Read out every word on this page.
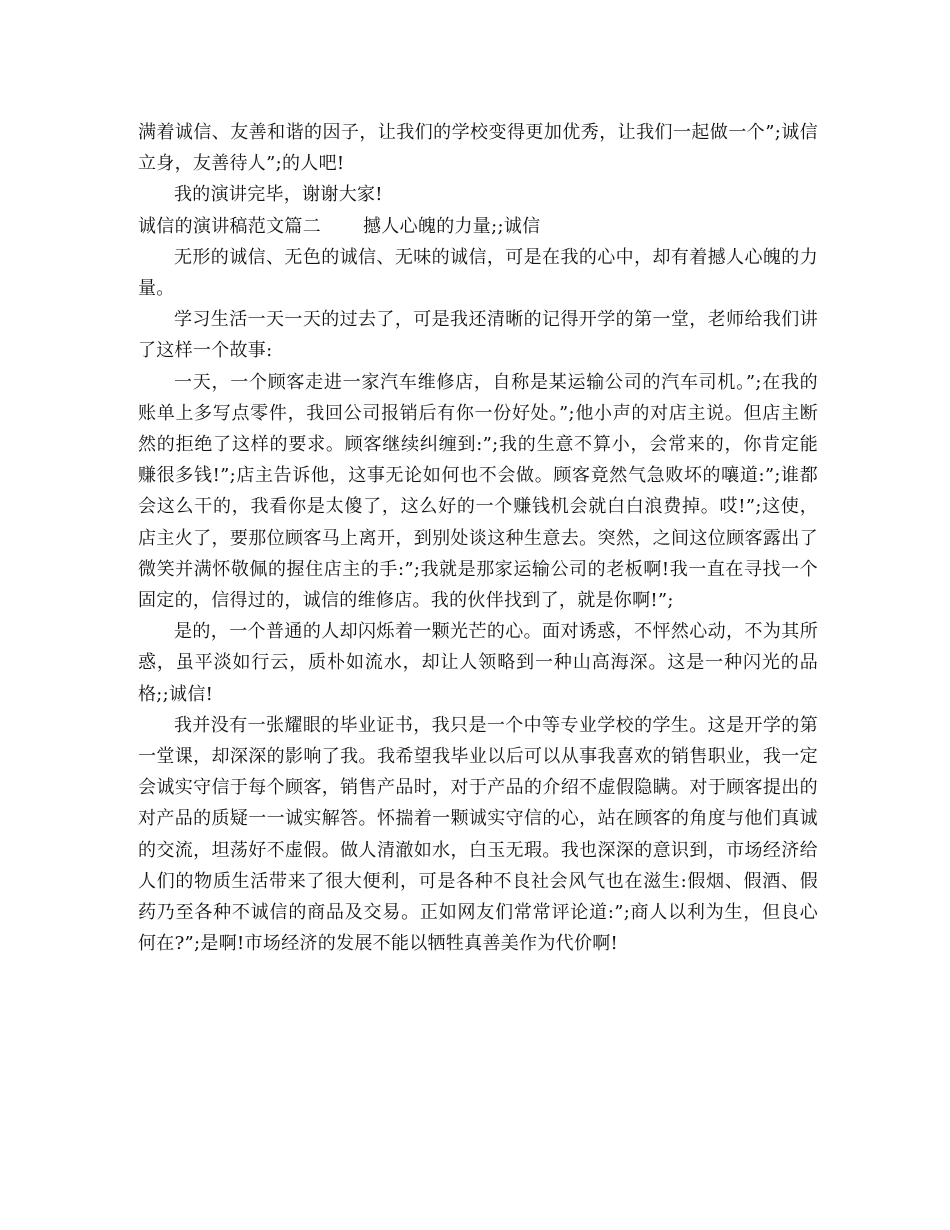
满着诚信、友善和谐的因子，让我们的学校变得更加优秀，让我们一起做一个”;诚信立身，友善待人”;的人吧!

我的演讲完毕，谢谢大家!

诚信的演讲稿范文篇二 撼人心魄的力量;;诚信

无形的诚信、无色的诚信、无味的诚信，可是在我的心中，却有着撼人心魄的力量。

学习生活一天一天的过去了，可是我还清晰的记得开学的第一堂，老师给我们讲了这样一个故事:

一天，一个顾客走进一家汽车维修店，自称是某运输公司的汽车司机。”;在我的账单上多写点零件，我回公司报销后有你一份好处。”;他小声的对店主说。但店主断然的拒绝了这样的要求。顾客继续纠缠到:”;我的生意不算小，会常来的，你肯定能赚很多钱!”;店主告诉他，这事无论如何也不会做。顾客竟然气急败坏的嚷道:”;谁都会这么干的，我看你是太傻了，这么好的一个赚钱机会就白白浪费掉。哎!”;这使，店主火了，要那位顾客马上离开，到别处谈这种生意去。突然，之间这位顾客露出了微笑并满怀敬佩的握住店主的手:”;我就是那家运输公司的老板啊!我一直在寻找一个固定的，信得过的，诚信的维修店。我的伙伴找到了，就是你啊!”;

是的，一个普通的人却闪烁着一颗光芒的心。面对诱惑，不怦然心动，不为其所惑，虽平淡如行云，质朴如流水，却让人领略到一种山高海深。这是一种闪光的品格;;诚信!

我并没有一张耀眼的毕业证书，我只是一个中等专业学校的学生。这是开学的第一堂课，却深深的影响了我。我希望我毕业以后可以从事我喜欢的销售职业，我一定会诚实守信于每个顾客，销售产品时，对于产品的介绍不虚假隐瞒。对于顾客提出的对产品的质疑一一诚实解答。怀揣着一颗诚实守信的心，站在顾客的角度与他们真诚的交流，坦荡好不虚假。做人清澈如水，白玉无瑕。我也深深的意识到，市场经济给人们的物质生活带来了很大便利，可是各种不良社会风气也在滋生:假烟、假酒、假药乃至各种不诚信的商品及交易。正如网友们常常评论道:”;商人以利为生，但良心何在?”;是啊!市场经济的发展不能以牺牲真善美作为代价啊!
